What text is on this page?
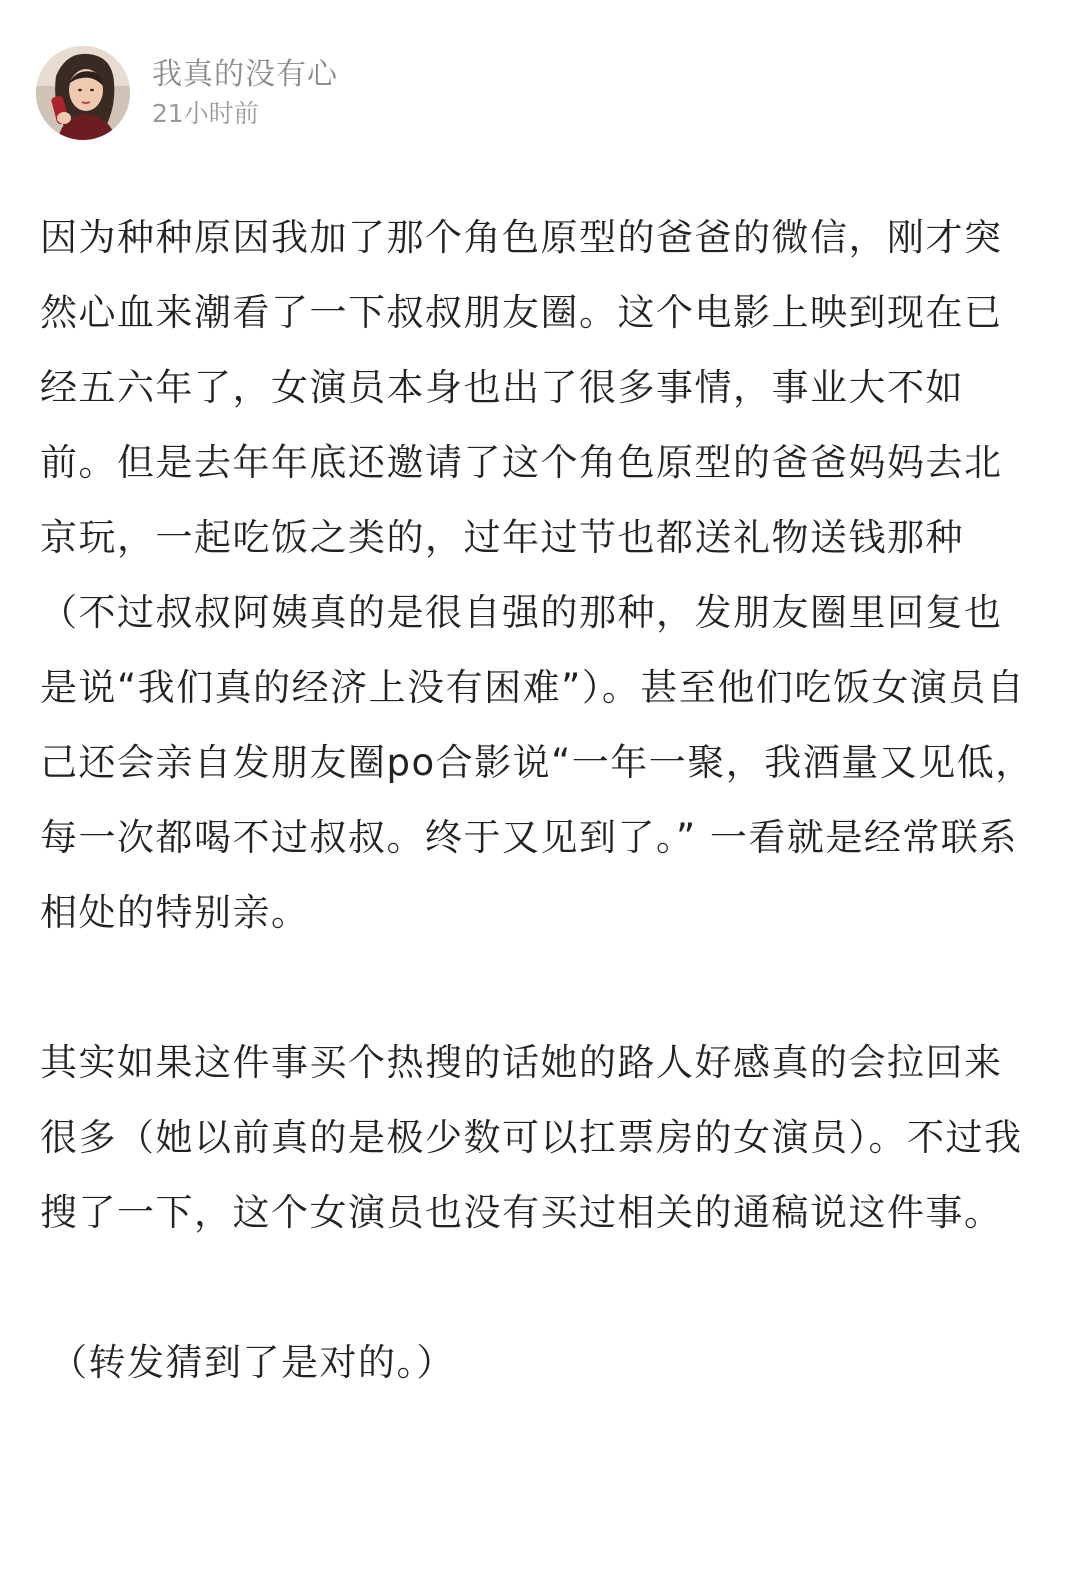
我真的没有心
21小时前

因为种种原因我加了那个角色原型的爸爸的微信，刚才突然心血来潮看了一下叔叔朋友圈。这个电影上映到现在已经五六年了，女演员本身也出了很多事情，事业大不如前。但是去年年底还邀请了这个角色原型的爸爸妈妈去北京玩，一起吃饭之类的，过年过节也都送礼物送钱那种（不过叔叔阿姨真的是很自强的那种，发朋友圈里回复也是说“我们真的经济上没有困难”）。甚至他们吃饭女演员自己还会亲自发朋友圈po合影说“一年一聚，我酒量又见低，每一次都喝不过叔叔。终于又见到了。” 一看就是经常联系相处的特别亲。

其实如果这件事买个热搜的话她的路人好感真的会拉回来很多（她以前真的是极少数可以扛票房的女演员）。不过我搜了一下，这个女演员也没有买过相关的通稿说这件事。

（转发猜到了是对的。）
